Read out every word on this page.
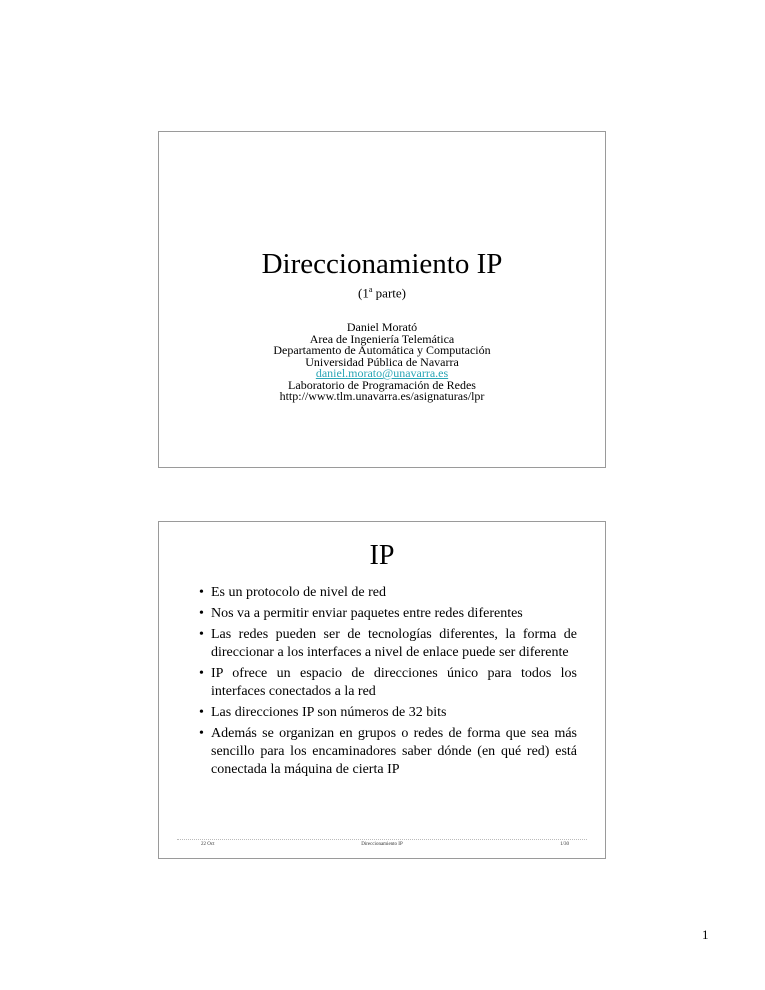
Direccionamiento IP
(1$^a$ parte)
Daniel Morató
Area de Ingeniería Telemática
Departamento de Automática y Computación
Universidad Pública de Navarra
daniel.morato@unavarra.es
Laboratorio de Programación de Redes
http://www.tlm.unavarra.es/asignaturas/lpr
IP
• Es un protocolo de nivel de red
• Nos va a permitir enviar paquetes entre redes diferentes
• Las redes pueden ser de tecnologías diferentes, la forma de direccionar a los interfaces a nivel de enlace puede ser diferente
• IP ofrece un espacio de direcciones único para todos los interfaces conectados a la red
• Las direcciones IP son números de 32 bits
• Además se organizan en grupos o redes de forma que sea más sencillo para los encaminadores saber dónde (en qué red) está conectada la máquina de cierta IP
22 Oct	Direccionamiento IP	1/30
1
